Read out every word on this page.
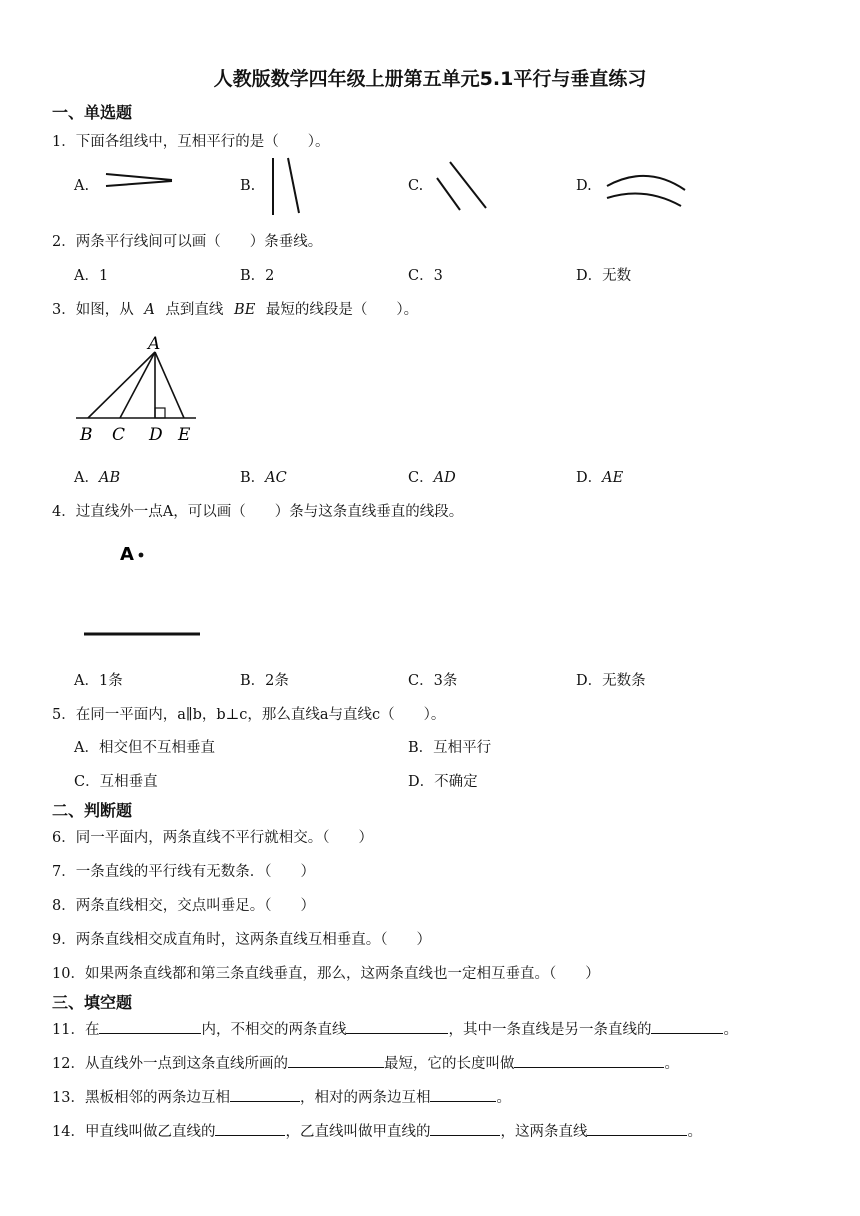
人教版数学四年级上册第五单元5.1平行与垂直练习
一、单选题
1．下面各组线中，互相平行的是（　　）。
A.	B.	C.	D.
2．两条平行线间可以画（　　）条垂线。
A．1	B．2	C．3	D．无数
3．如图，从 A 点到直线 BE 最短的线段是（　　）。
A
B C D E
A．AB	B．AC	C．AD	D．AE
4．过直线外一点A，可以画（　　）条与这条直线垂直的线段。
A
A．1条	B．2条	C．3条	D．无数条
5．在同一平面内，a∥b，b⊥c，那么直线a与直线c（　　）。
A．相交但不互相垂直	B．互相平行
C．互相垂直	D．不确定
二、判断题
6．同一平面内，两条直线不平行就相交。（　　）
7．一条直线的平行线有无数条．（　　）
8．两条直线相交，交点叫垂足。（　　）
9．两条直线相交成直角时，这两条直线互相垂直。（　　）
10．如果两条直线都和第三条直线垂直，那么，这两条直线也一定相互垂直。（　　）
三、填空题
11．在	内，不相交的两条直线	，其中一条直线是另一条直线的	。
12．从直线外一点到这条直线所画的	最短，它的长度叫做	。
13．黑板相邻的两条边互相	，相对的两条边互相	。
14．甲直线叫做乙直线的	，乙直线叫做甲直线的	，这两条直线	。
